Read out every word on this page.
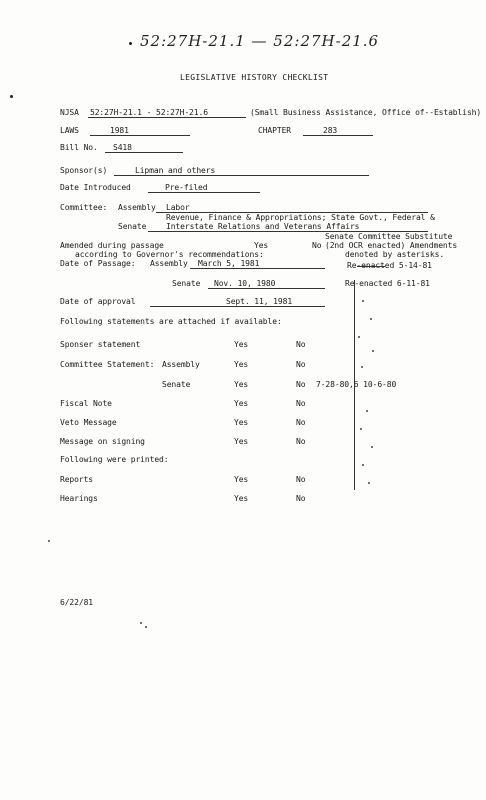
52:27H-21.1 — 52:27H-21.6
LEGISLATIVE HISTORY CHECKLIST
NJSA 52:27H-21.1 - 52:27H-21.6	(Small Business Assistance, Office of--Establish)
LAWS	1981	CHAPTER	283
Bill No. S418
Sponsor(s)	Lipman and others
Date Introduced	Pre-filed
Committee: Assembly Labor
Revenue, Finance & Appropriations; State Govt., Federal &
Senate Interstate Relations and Veterans Affairs
Amended during passage
according to Governor's recommendations:
Yes	No
Senate Committee Substitute
(2nd OCR enacted) Amendments
denoted by asterisks.
Date of Passage: Assembly March 5, 1981	Re-enacted 5-14-81
Senate Nov. 10, 1980	Re-enacted 6-11-81
Date of approval	Sept. 11, 1981
Following statements are attached if available:
Sponser statement	Yes	No
Committee Statement: Assembly	Yes	No
Senate	Yes	No 7-28-80,6 10-6-80
Fiscal Note	Yes	No
Veto Message	Yes	No
Message on signing	Yes	No
Following were printed:
Reports	Yes	No
Hearings	Yes	No
6/22/81
